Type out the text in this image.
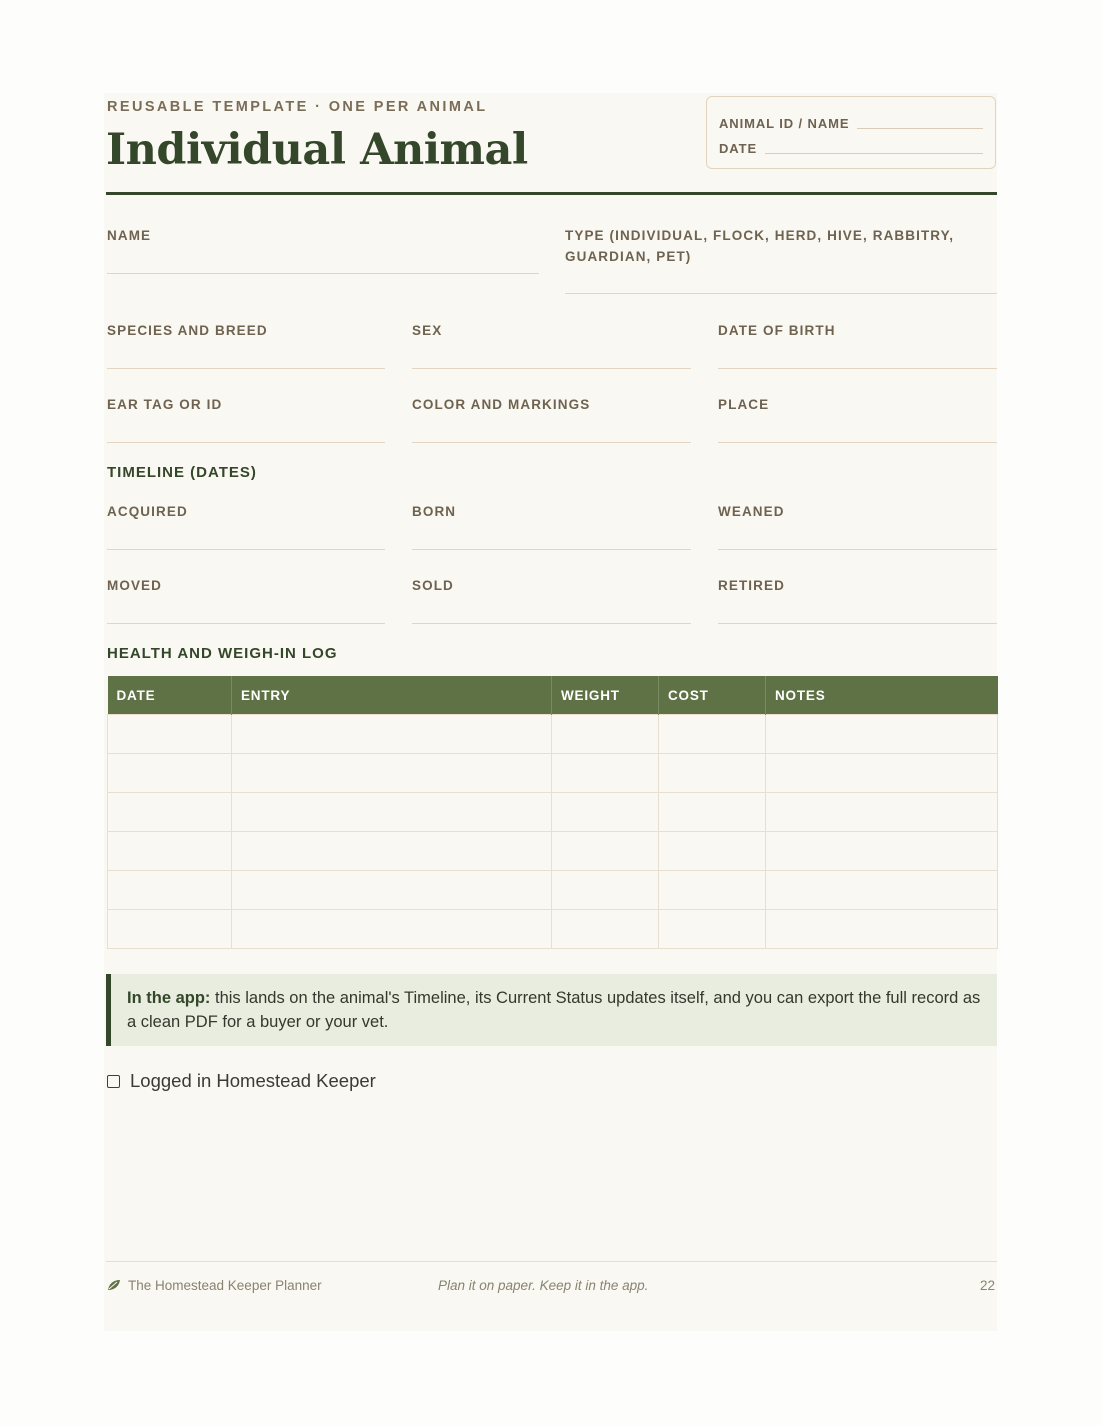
REUSABLE TEMPLATE · ONE PER ANIMAL
Individual Animal
ANIMAL ID / NAME
DATE
NAME	TYPE (INDIVIDUAL, FLOCK, HERD, HIVE, RABBITRY, GUARDIAN, PET)
SPECIES AND BREED	SEX	DATE OF BIRTH
EAR TAG OR ID	COLOR AND MARKINGS	PLACE
TIMELINE (DATES)
ACQUIRED	BORN	WEANED
MOVED	SOLD	RETIRED
HEALTH AND WEIGH-IN LOG
DATE	ENTRY	WEIGHT	COST	NOTES

In the app: this lands on the animal's Timeline, its Current Status updates itself, and you can export the full record as a clean PDF for a buyer or your vet.
Logged in Homestead Keeper
The Homestead Keeper Planner	Plan it on paper. Keep it in the app.	22
